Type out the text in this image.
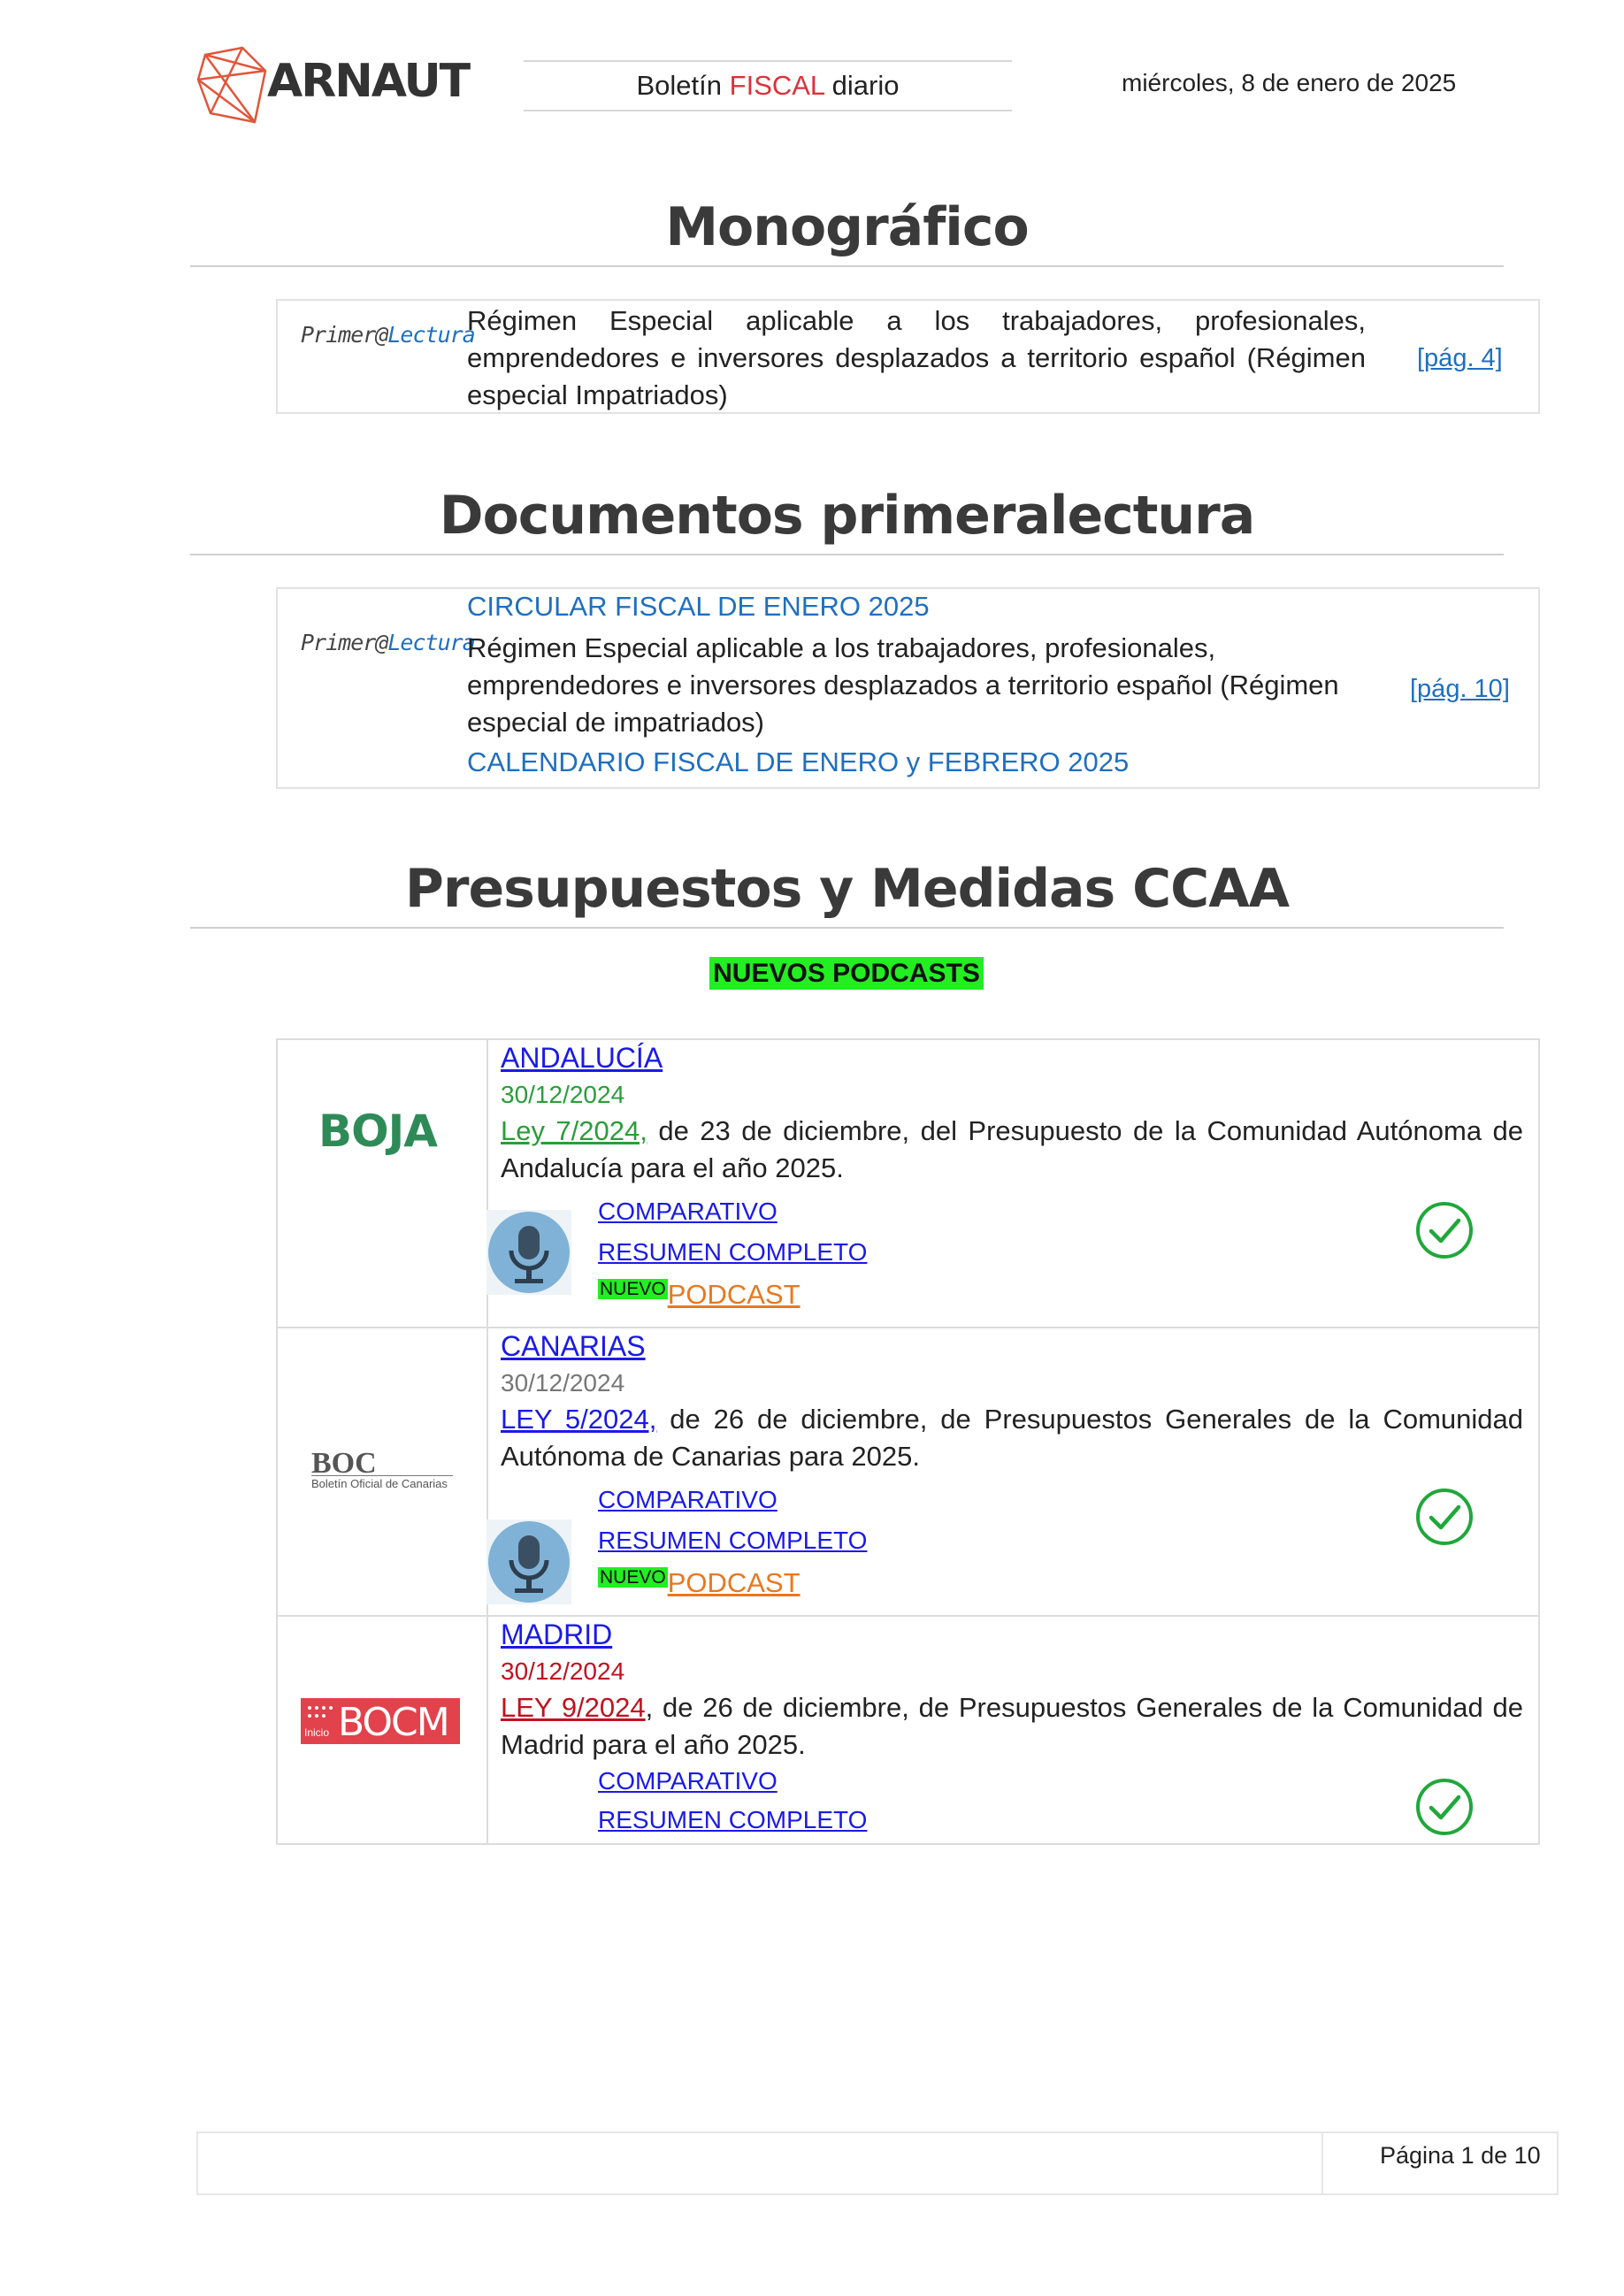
ARNAUT	Boletín FISCAL diario	miércoles, 8 de enero de 2025
Monográfico
Primer@Lectura
Régimen Especial aplicable a los trabajadores, profesionales,
emprendedores e inversores desplazados a territorio español (Régimen
especial Impatriados)
[pág. 4]
Documentos primeralectura
Primer@Lectura
CIRCULAR FISCAL DE ENERO 2025
Régimen Especial aplicable a los trabajadores, profesionales,
emprendedores e inversores desplazados a territorio español (Régimen
especial de impatriados)
CALENDARIO FISCAL DE ENERO y FEBRERO 2025
[pág. 10]
Presupuestos y Medidas CCAA
NUEVOS PODCASTS
BOJA
ANDALUCÍA
30/12/2024
Ley 7/2024, de 23 de diciembre, del Presupuesto de la Comunidad Autónoma de
Andalucía para el año 2025.
COMPARATIVO
RESUMEN COMPLETO
NUEVOPODCAST
BOC
Boletín Oficial de Canarias
CANARIAS
30/12/2024
LEY 5/2024, de 26 de diciembre, de Presupuestos Generales de la Comunidad
Autónoma de Canarias para 2025.
COMPARATIVO
RESUMEN COMPLETO
NUEVOPODCAST
Inicio BOCM
MADRID
30/12/2024
LEY 9/2024, de 26 de diciembre, de Presupuestos Generales de la Comunidad de
Madrid para el año 2025.
COMPARATIVO
RESUMEN COMPLETO
Página 1 de 10
